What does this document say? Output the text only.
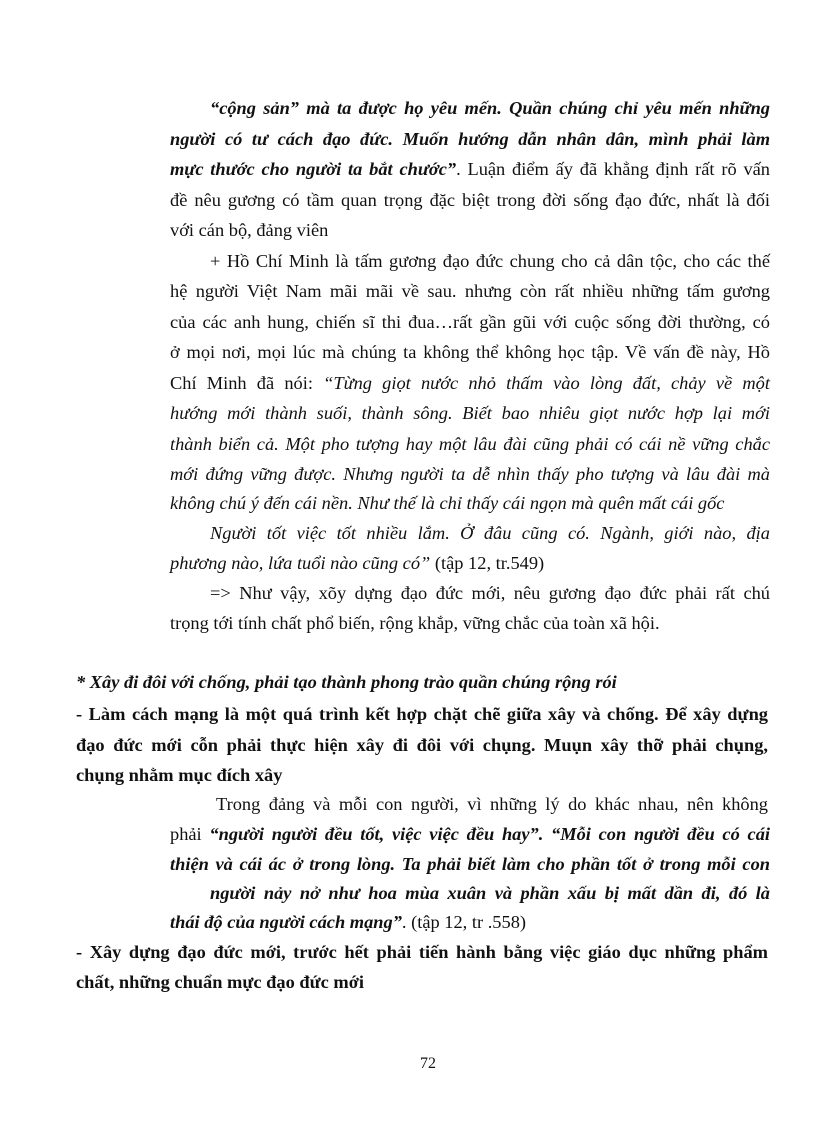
“cộng sản” mà ta được họ yêu mến. Quần chúng chỉ yêu mến những
người có tư cách đạo đức. Muốn hướng dẫn nhân dân, mình phải làm
mực thước cho người ta bắt chước”. Luận điểm ấy đã khẳng định rất rõ vấn
đề nêu gương có tầm quan trọng đặc biệt trong đời sống đạo đức, nhất là đối
với cán bộ, đảng viên
+ Hồ Chí Minh là tấm gương đạo đức chung cho cả dân tộc, cho các thế
hệ người Việt Nam mãi mãi về sau. nhưng còn rất nhiều những tấm gương
của các anh hung, chiến sĩ thi đua…rất gần gũi với cuộc sống đời thường, có
ở mọi nơi, mọi lúc mà chúng ta không thể không học tập. Về vấn đề này, Hồ
Chí Minh đã nói: “Từng giọt nước nhỏ thấm vào lòng đất, chảy về một
hướng mới thành suối, thành sông. Biết bao nhiêu giọt nước hợp lại mới
thành biển cả. Một pho tượng hay một lâu đài cũng phải có cái nề vững chắc
mới đứng vững được. Nhưng người ta dễ nhìn thấy pho tượng và lâu đài mà
không chú ý đến cái nền. Như thế là chỉ thấy cái ngọn mà quên mất cái gốc
Người tốt việc tốt nhiều lắm. Ở đâu cũng có. Ngành, giới nào, địa
phương nào, lứa tuổi nào cũng có” (tập 12, tr.549)
=> Như vậy, xõy dựng đạo đức mới, nêu gương đạo đức phải rất chú
trọng tới tính chất phổ biến, rộng khắp, vững chắc của toàn xã hội.
* Xây đi đôi với chống, phải tạo thành phong trào quần chúng rộng rói
- Làm cách mạng là một quá trình kết hợp chặt chẽ giữa xây và chống. Để xây dựng
đạo đức mới cỗn phải thực hiện xây đi đôi với chụng. Muụn xây thỡ phải chụng,
chụng nhằm mục đích xây
Trong đảng và mỗi con người, vì những lý do khác nhau, nên không
phải “người người đều tốt, việc việc đều hay”. “Mỗi con người đều có cái
thiện và cái ác ở trong lòng. Ta phải biết làm cho phần tốt ở trong mỗi con
người nảy nở như hoa mùa xuân và phần xấu bị mất dần đi, đó là
thái độ của người cách mạng”. (tập 12, tr .558)
- Xây dựng đạo đức mới, trước hết phải tiến hành bằng việc giáo dục những phẩm
chất, những chuẩn mực đạo đức mới
72
